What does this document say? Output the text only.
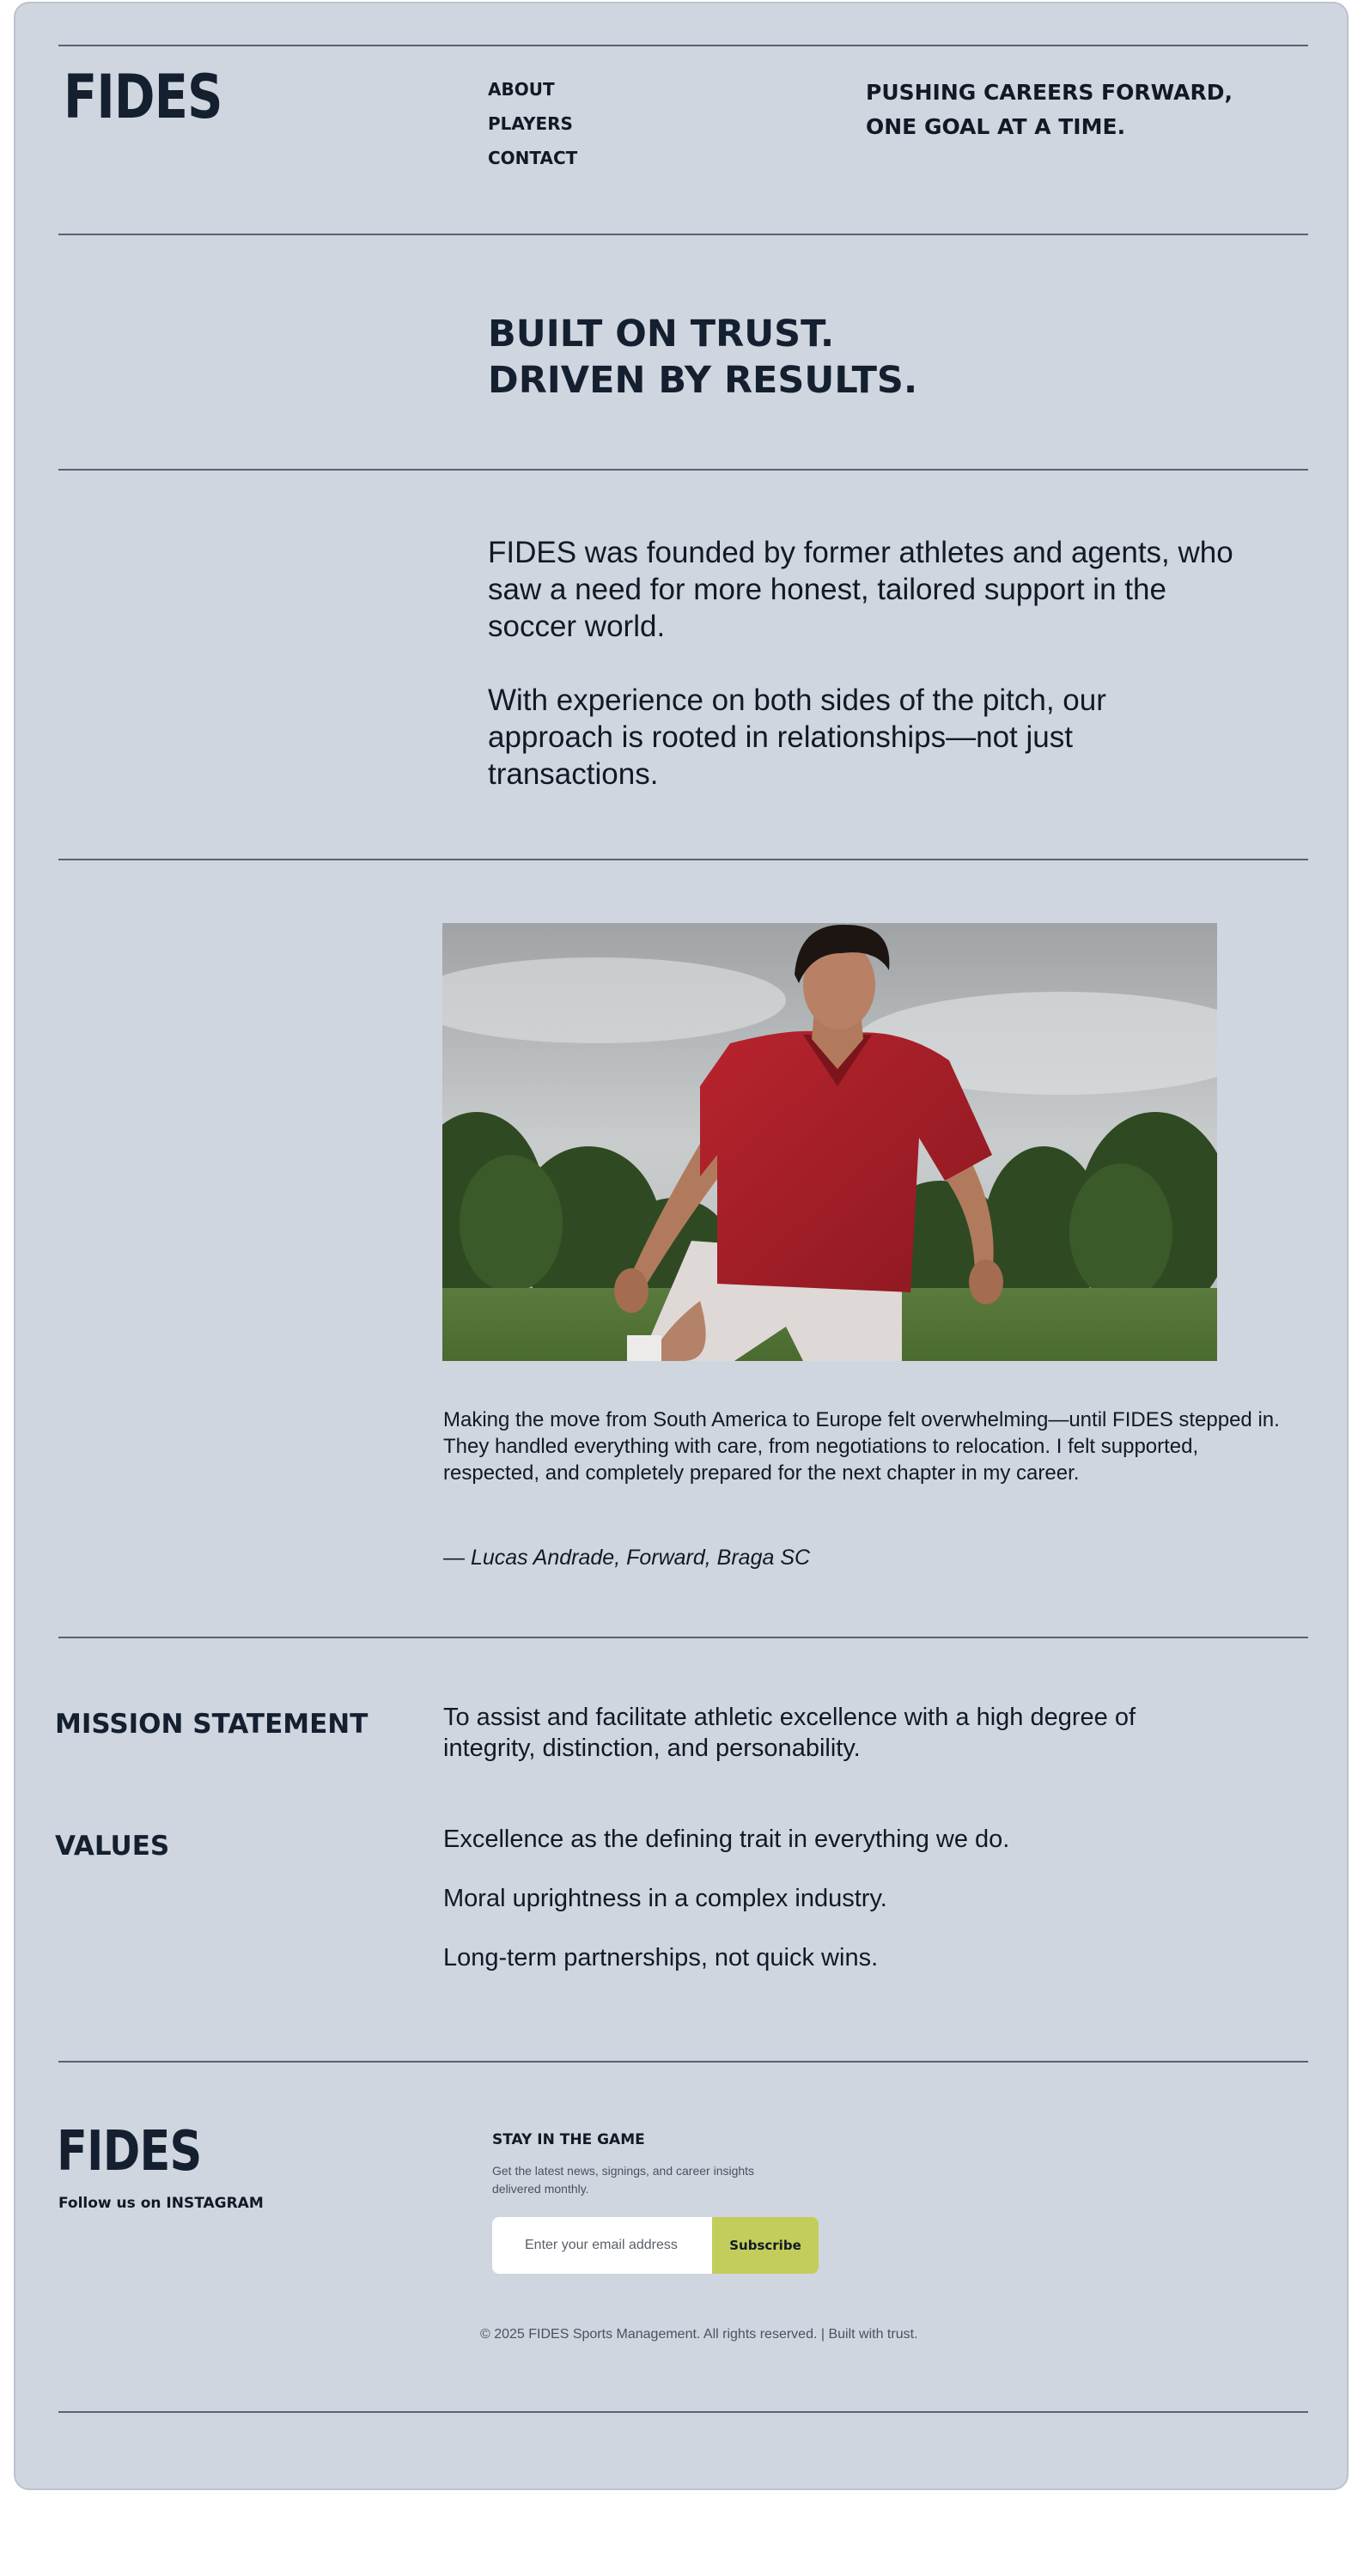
FIDES	ABOUT
PLAYERS
CONTACT
PUSHING CAREERS FORWARD,
ONE GOAL AT A TIME.
BUILT ON TRUST.
DRIVEN BY RESULTS.

FIDES was founded by former athletes and agents, who saw a need for more honest, tailored support in the soccer world.

With experience on both sides of the pitch, our approach is rooted in relationships—not just transactions.

Making the move from South America to Europe felt overwhelming—until FIDES stepped in. They handled everything with care, from negotiations to relocation. I felt supported, respected, and completely prepared for the next chapter in my career.
— Lucas Andrade, Forward, Braga SC
MISSION STATEMENT	To assist and facilitate athletic excellence with a high degree of integrity, distinction, and personability.
VALUES	Excellence as the defining trait in everything we do.

Moral uprightness in a complex industry.

Long-term partnerships, not quick wins.

FIDES
Follow us on INSTAGRAM
STAY IN THE GAME
Get the latest news, signings, and career insights delivered monthly.
Enter your email address
Subscribe
© 2025 FIDES Sports Management. All rights reserved. | Built with trust.
